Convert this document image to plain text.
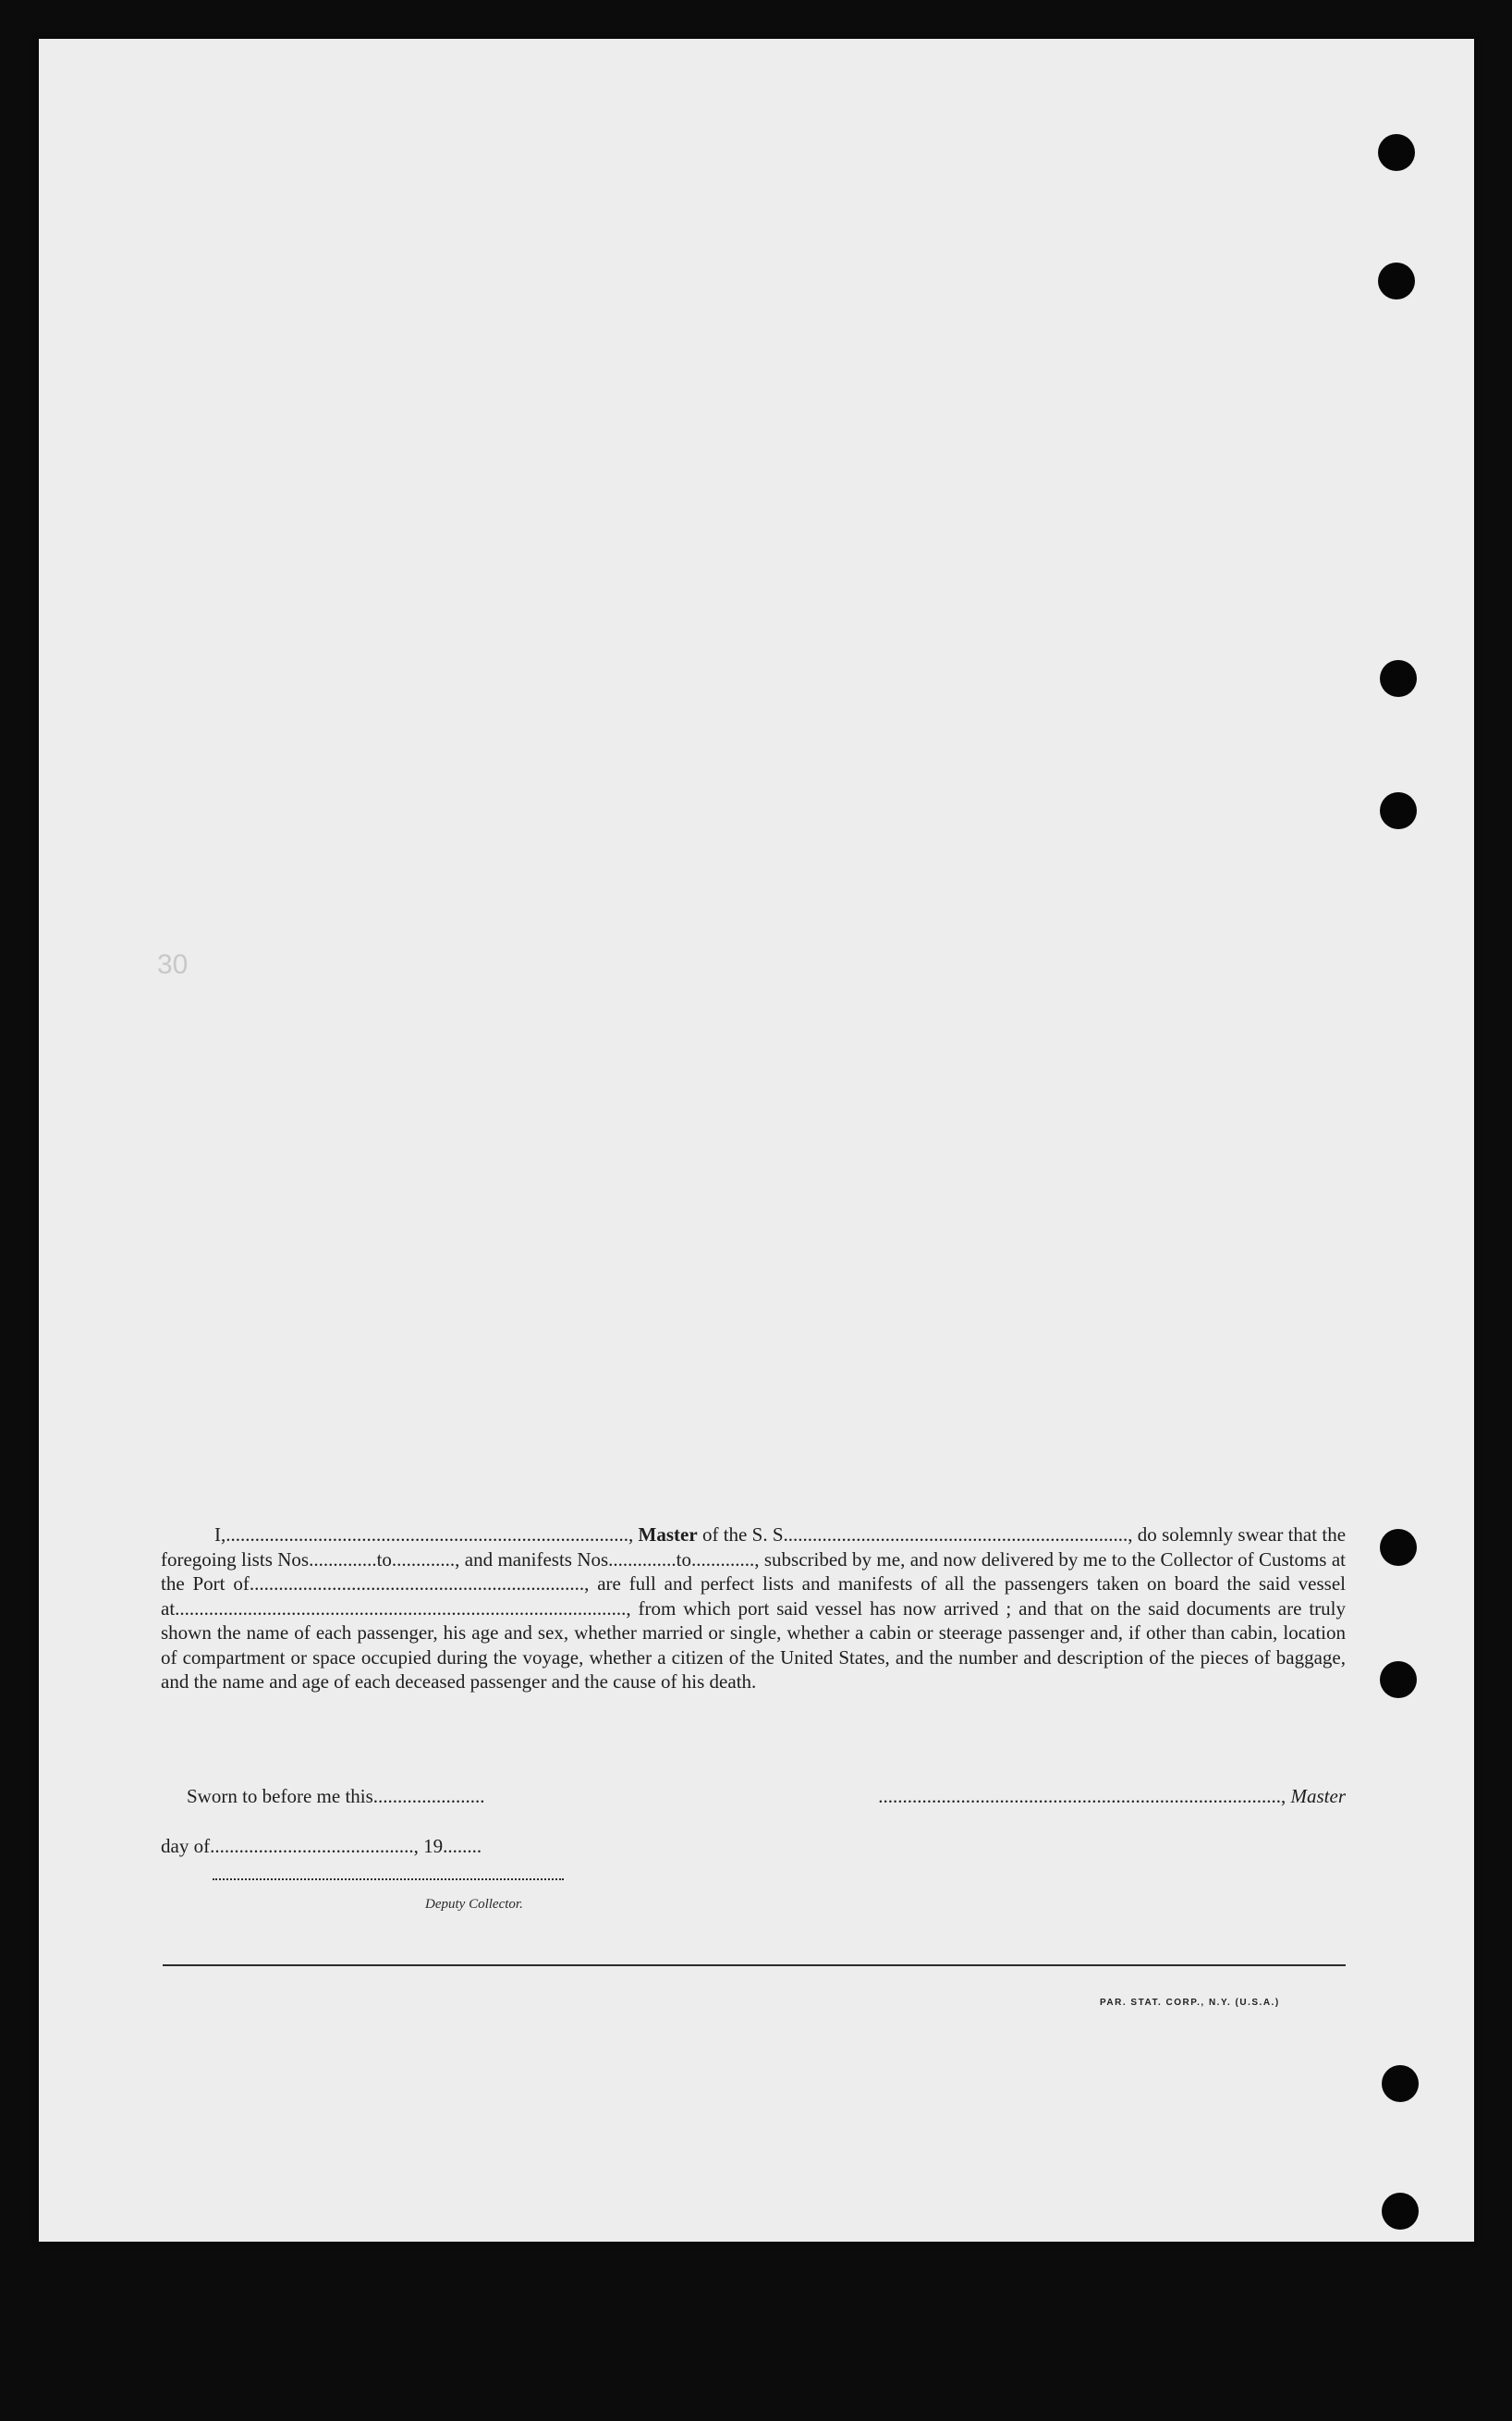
30
I,..................................................................................., Master of the S. S......................................................................., do solemnly swear that the foregoing lists Nos..............to............., and manifests Nos..............to............., subscribed by me, and now delivered by me to the Collector of Customs at the Port of....................................................................., are full and perfect lists and manifests of all the passengers taken on board the said vessel at............................................................................................., from which port said vessel has now arrived ; and that on the said documents are truly shown the name of each passenger, his age and sex, whether married or single, whether a cabin or steerage passenger and, if other than cabin, location of compartment or space occupied during the voyage, whether a citizen of the United States, and the number and description of the pieces of baggage, and the name and age of each deceased passenger and the cause of his death.
Sworn to before me this.......................	..................................................................................., Master
day of.........................................., 19........
Deputy Collector.
PAR. STAT. CORP., N.Y. (U.S.A.)
